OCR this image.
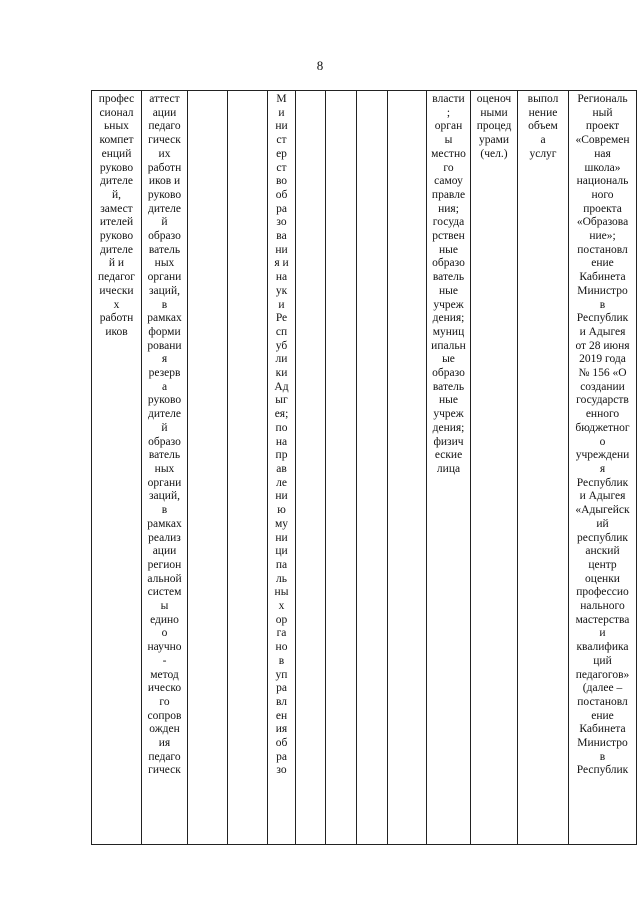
8
профес
сионал
ьных
компет
енций
руково
дителе
й,
замест
ителей
руково
дителе
й и
педагог
ически
х
работн
иков	аттест
ации
педаго
гическ
их
работн
иков и
руково
дителе
й
образо
ватель
ных
органи
заций,
в
рамках
форми
ровани
я
резерв
а
руково
дителе
й
образо
ватель
ных
органи
заций,
в
рамках
реализ
ации
регион
альной
систем
ы
едино
о
научно
-
метод
ическо
го
сопров
ожден
ия
педаго
гическ			М
и
ни
ст
ер
ст
во
об
ра
зо
ва
ни
я и
на
ук
и
Ре
сп
уб
ли
ки
Ад
ыг
ея;
по
на
пр
ав
ле
ни
ю
му
ни
ци
па
ль
ны
х
ор
га
но
в
уп
ра
вл
ен
ия
об
ра
зо					власти
;
орган
ы
местно
го
самоу
правле
ния;
госуда
рствен
ные
образо
ватель
ные
учреж
дения;
муниц
ипальн
ые
образо
ватель
ные
учреж
дения;
физич
еские
лица	оценоч
ными
процед
урами
(чел.)	выпол
нение
объем
а
услуг	Региональ
ный
проект
«Современ
ная
школа»
националь
ного
проекта
«Образова
ние»;
постановл
ение
Кабинета
Министро
в
Республик
и Адыгея
от 28 июня
2019 года
№ 156 «О
создании
государств
енного
бюджетног
о
учреждени
я
Республик
и Адыгея
«Адыгейск
ий
республик
анский
центр
оценки
профессио
нального
мастерства
и
квалифика
ций
педагогов»
(далее –
постановл
ение
Кабинета
Министро
в
Республик
